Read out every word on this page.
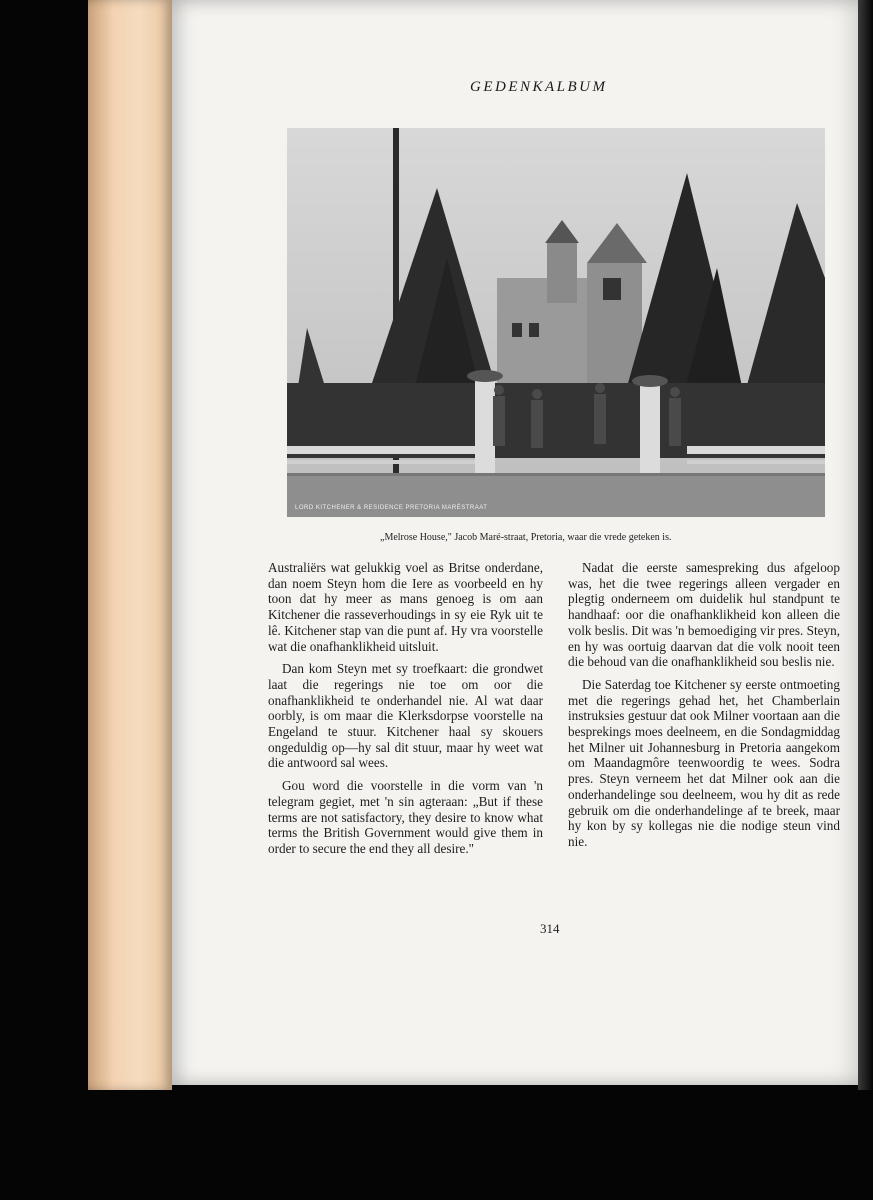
GEDENKALBUM
LORD KITCHENER & RESIDENCE PRETORIA MARÉSTRAAT
„Melrose House," Jacob Maré-straat, Pretoria, waar die vrede geteken is.

Australiërs wat gelukkig voel as Britse onderdane, dan noem Steyn hom die Iere as voorbeeld en hy toon dat hy meer as mans genoeg is om aan Kitchener die rasseverhoudings in sy eie Ryk uit te lê. Kitchener stap van die punt af. Hy vra voorstelle wat die onafhanklikheid uitsluit.

Dan kom Steyn met sy troefkaart: die grondwet laat die regerings nie toe om oor die onafhanklikheid te onderhandel nie. Al wat daar oorbly, is om maar die Klerksdorpse voorstelle na Engeland te stuur. Kitchener haal sy skouers ongeduldig op—hy sal dit stuur, maar hy weet wat die antwoord sal wees.

Gou word die voorstelle in die vorm van 'n telegram gegiet, met 'n sin agteraan: „But if these terms are not satisfactory, they desire to know what terms the British Government would give them in order to secure the end they all desire."

Nadat die eerste samespreking dus afgeloop was, het die twee regerings alleen vergader en plegtig onderneem om duidelik hul standpunt te handhaaf: oor die onafhanklikheid kon alleen die volk beslis. Dit was 'n bemoediging vir pres. Steyn, en hy was oortuig daarvan dat die volk nooit teen die behoud van die onafhanklikheid sou beslis nie.

Die Saterdag toe Kitchener sy eerste ontmoeting met die regerings gehad het, het Chamberlain instruksies gestuur dat ook Milner voortaan aan die besprekings moes deelneem, en die Sondagmiddag het Milner uit Johannesburg in Pretoria aangekom om Maandagmôre teenwoordig te wees. Sodra pres. Steyn verneem het dat Milner ook aan die onderhandelinge sou deelneem, wou hy dit as rede gebruik om die onderhandelinge af te breek, maar hy kon by sy kollegas nie die nodige steun vind nie.

314
